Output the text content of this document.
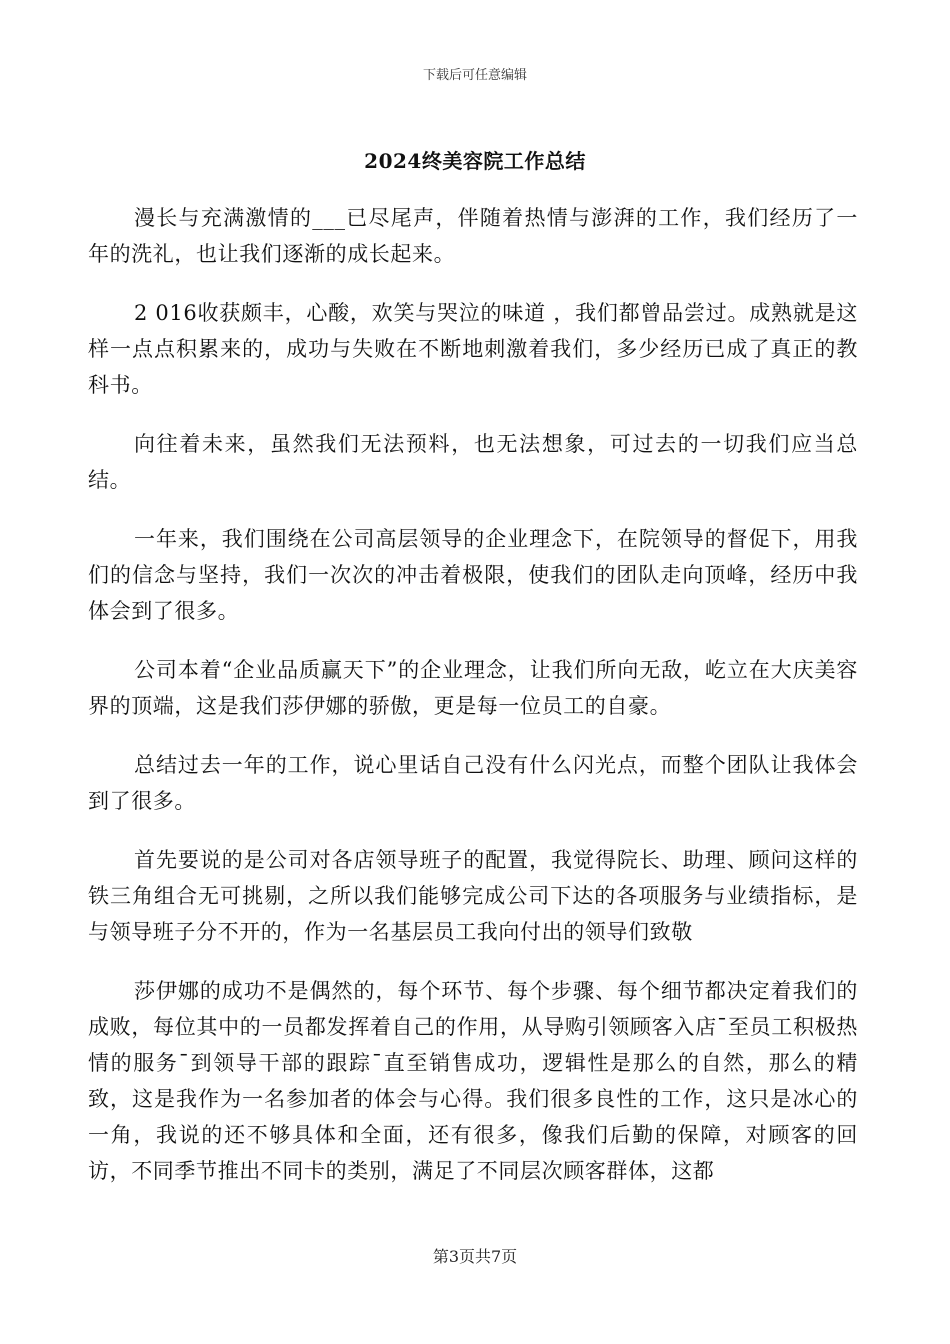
下载后可任意编辑
2024终美容院工作总结

漫长与充满激情的___已尽尾声，伴随着热情与澎湃的工作，我们经历了一年的洗礼，也让我们逐渐的成长起来。

2 016收获颇丰，心酸，欢笑与哭泣的味道 ，我们都曾品尝过。成熟就是这样一点点积累来的，成功与失败在不断地刺激着我们，多少经历已成了真正的教科书。

向往着未来，虽然我们无法预料，也无法想象，可过去的一切我们应当总结。

一年来，我们围绕在公司高层领导的企业理念下，在院领导的督促下，用我们的信念与坚持，我们一次次的冲击着极限，使我们的团队走向顶峰，经历中我体会到了很多。

公司本着“企业品质赢天下”的企业理念，让我们所向无敌，屹立在大庆美容界的顶端，这是我们莎伊娜的骄傲，更是每一位员工的自豪。

总结过去一年的工作，说心里话自己没有什么闪光点，而整个团队让我体会到了很多。

首先要说的是公司对各店领导班子的配置，我觉得院长、助理、顾问这样的铁三角组合无可挑剔，之所以我们能够完成公司下达的各项服务与业绩指标，是与领导班子分不开的，作为一名基层员工我向付出的领导们致敬

莎伊娜的成功不是偶然的，每个环节、每个步骤、每个细节都决定着我们的成败，每位其中的一员都发挥着自己的作用，从导购引领顾客入店¯至员工积极热情的服务¯到领导干部的跟踪¯直至销售成功，逻辑性是那么的自然，那么的精致，这是我作为一名参加者的体会与心得。我们很多良性的工作，这只是冰心的一角，我说的还不够具体和全面，还有很多，像我们后勤的保障，对顾客的回访，不同季节推出不同卡的类别，满足了不同层次顾客群体，这都

第3页共7页
